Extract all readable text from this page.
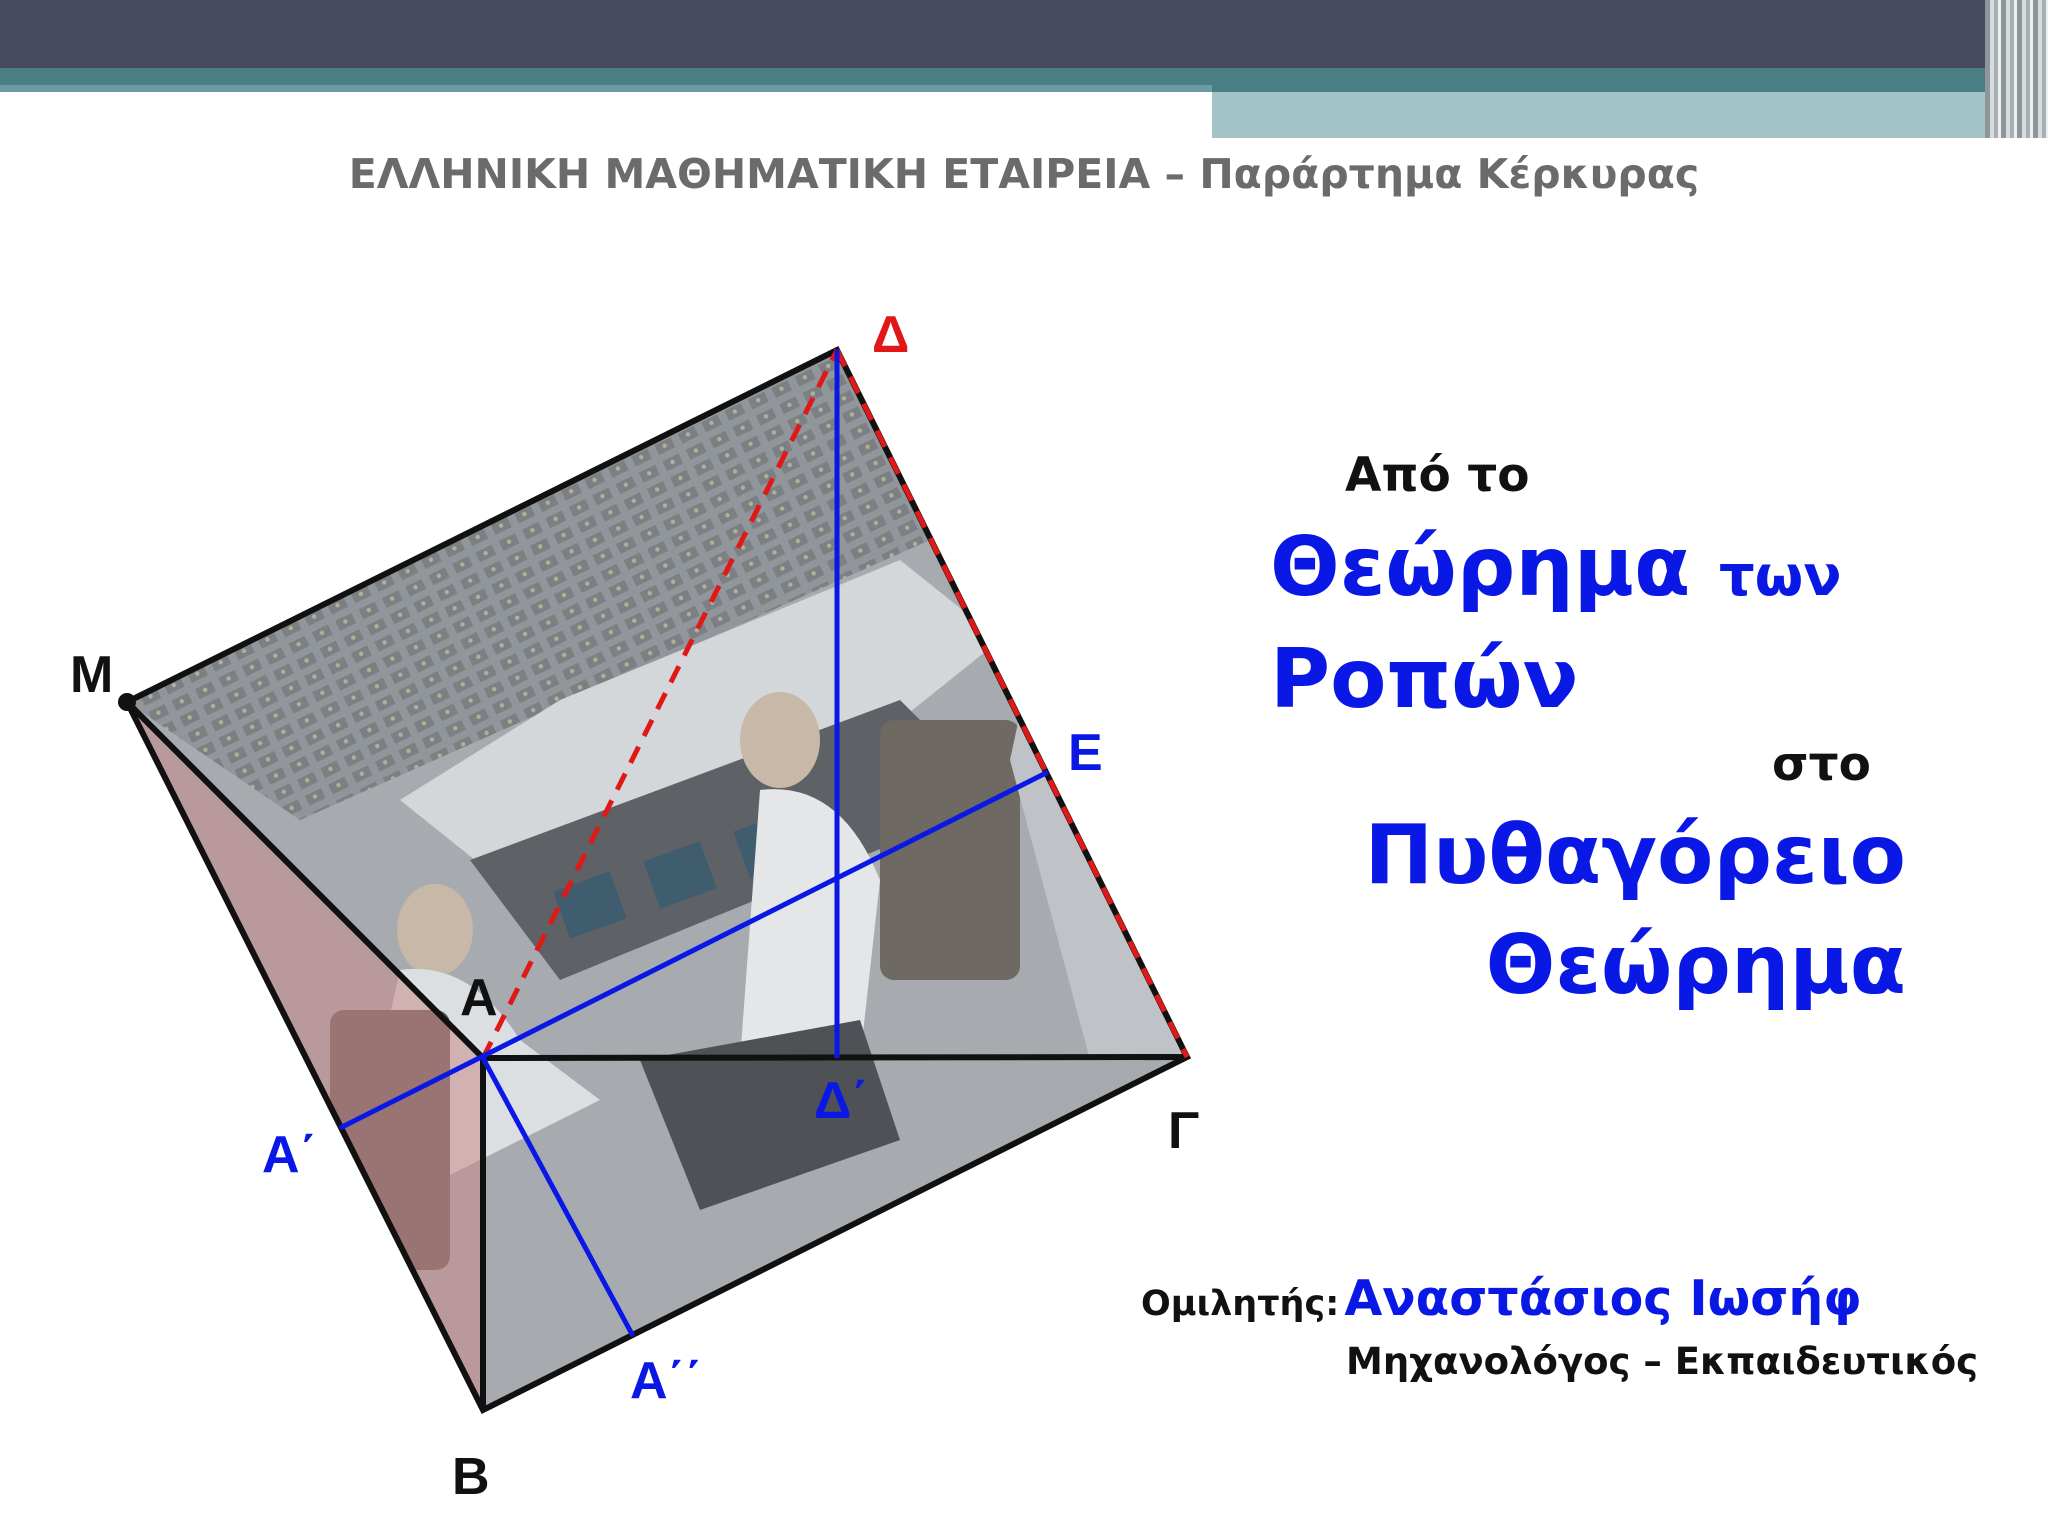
ΕΛΛΗΝΙΚΗ ΜΑΘΗΜΑΤΙΚΗ ΕΤΑΙΡΕΙΑ – Παράρτημα Κέρκυρας
Μ
Α
Β
Γ
Δ
Ε
Α΄
Α΄΄
Δ΄
Από το
Θεώρημα των
Ροπών
στο
Πυθαγόρειο
Θεώρημα
Ομιλητής: Αναστάσιος Ιωσήφ
Μηχανολόγος – Εκπαιδευτικός
